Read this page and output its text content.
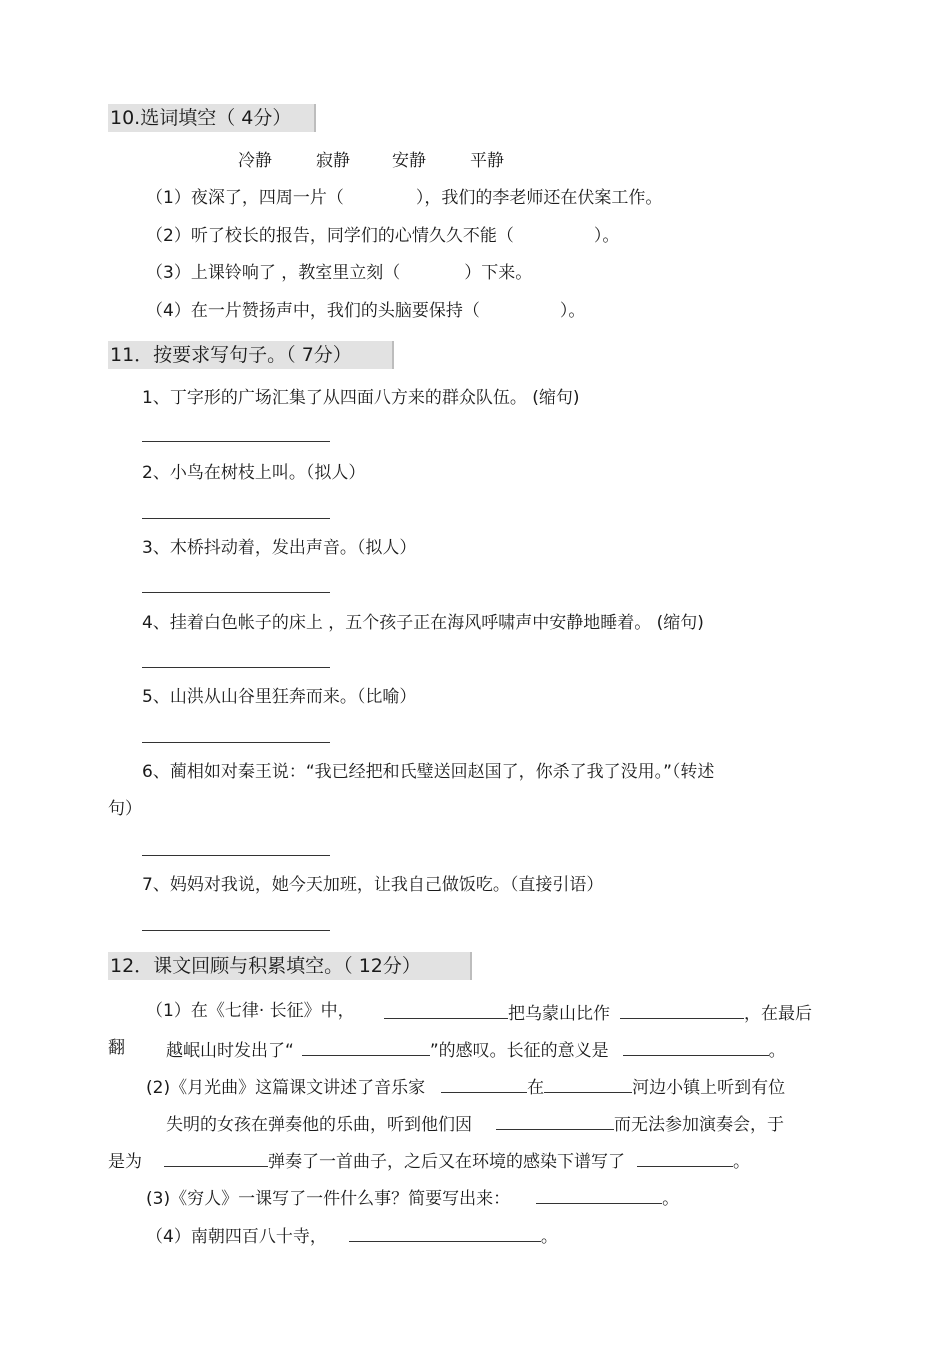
10.选词填空（ 4分）
冷静	寂静 安静	平静
（1）夜深了，四周一片（	），我们的李老师还在伏案工作。
（2）听了校长的报告，同学们的心情久久不能（	）。
（3）上课铃响了 ，教室里立刻（	）下来。
（4）在一片赞扬声中，我们的头脑要保持（	）。
11．按要求写句子。（ 7分）
1、丁字形的广场汇集了从四面八方来的群众队伍。 (缩句)
2、小鸟在树枝上叫。（拟人）
3、木桥抖动着，发出声音。（拟人）
4、挂着白色帐子的床上 ，五个孩子正在海风呼啸声中安静地睡着。 (缩句)
5、山洪从山谷里狂奔而来。（比喻）
6、蔺相如对秦王说：“我已经把和氏璧送回赵国了，你杀了我了没用。”（转述
句）
7、妈妈对我说，她今天加班，让我自己做饭吃。（直接引语）
12．课文回顾与积累填空。（ 12分）
（1）在《七律· 长征》中，	把乌蒙山比作	，在最后
翻 越岷山时发出了“	”的感叹。长征的意义是	。
(2)《月光曲》这篇课文讲述了音乐家	在	河边小镇上听到有位
失明的女孩在弹奏他的乐曲，听到他们因	而无法参加演奏会，于
是为	弹奏了一首曲子，之后又在环境的感染下谱写了	。
(3)《穷人》一课写了一件什么事？简要写出来：	。
（4）南朝四百八十寺，	。
